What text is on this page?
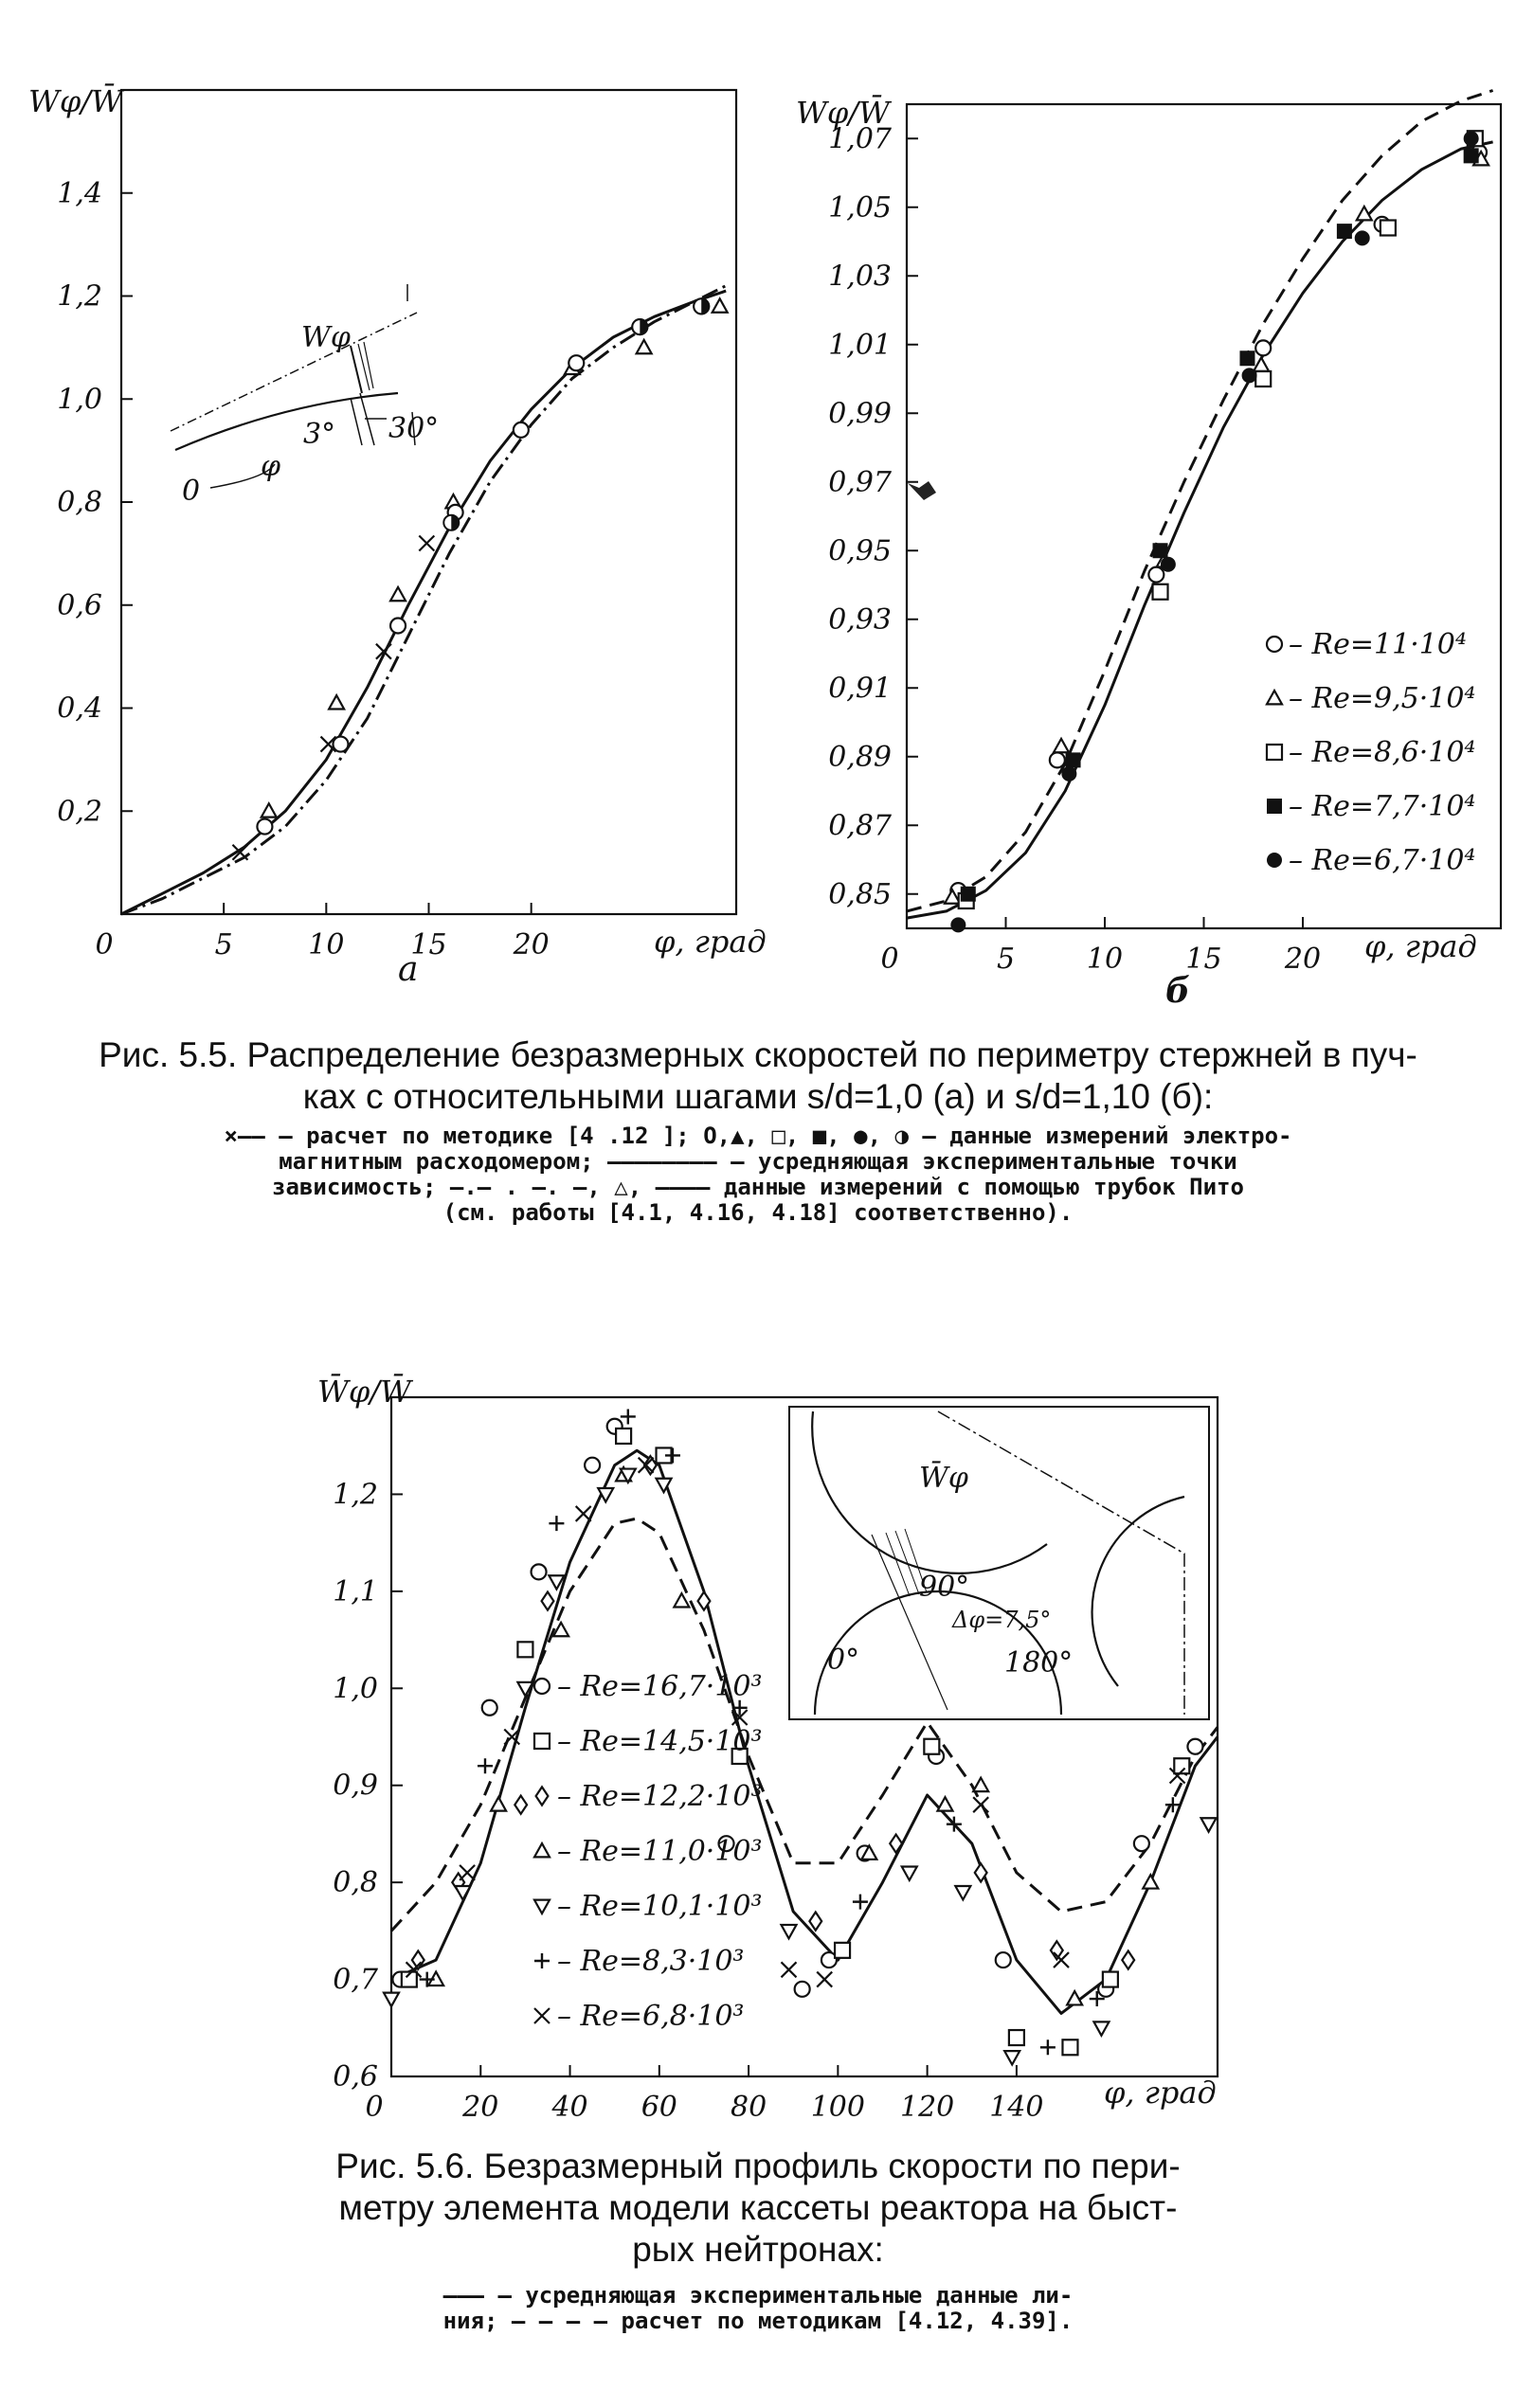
0,2
0,4
0,6
0,8
1,0
1,2
1,4
0	5	10 15 20
Wφ/W̄
φ, град
а
Wφ
3° 30°
0
φ
0,85
0,87
0,89
0,91
0,93
0,95
0,97
0,99
1,01
1,03
1,05
1,07
0	5	10 15 20
Wφ/W̄
φ, град
б
– Re=11·10⁴
– Re=9,5·10⁴
– Re=8,6·10⁴
– Re=7,7·10⁴
– Re=6,7·10⁴

Рис. 5.5. Распределение безразмерных скоростей по периметру стержней в пуч-

ках с относительными шагами s/d=1,0 (a) и s/d=1,10 (б):

×—— — расчет по методике [4 .12 ]; О,▲, □, ■, ●, ◑ — данные измерений электро-

магнитным расходомером; ———————— — усредняющая экспериментальные точки

зависимость; —.— . —. —, △, ———— данные измерений с помощью трубок Пито

(см. работы [4.1, 4.16, 4.18] соответственно).

0,6
0,7
0,8
0,9
1,0
1,1
1,2
0	20 40 60 80 100 120 140
W̄φ/W̄
φ, град
– Re=16,7·10³
– Re=14,5·10³
– Re=12,2·10³
– Re=11,0·10³
– Re=10,1·10³
– Re=8,3·10³
– Re=6,8·10³
W̄φ
0°
90°
180°
Δφ=7,5°

Рис. 5.6. Безразмерный профиль скорости по пери-

метру элемента модели кассеты реактора на быст-

рых нейтронах:

——— — усредняющая экспериментальные данные ли-

ния; — — — — расчет по методикам [4.12, 4.39].
